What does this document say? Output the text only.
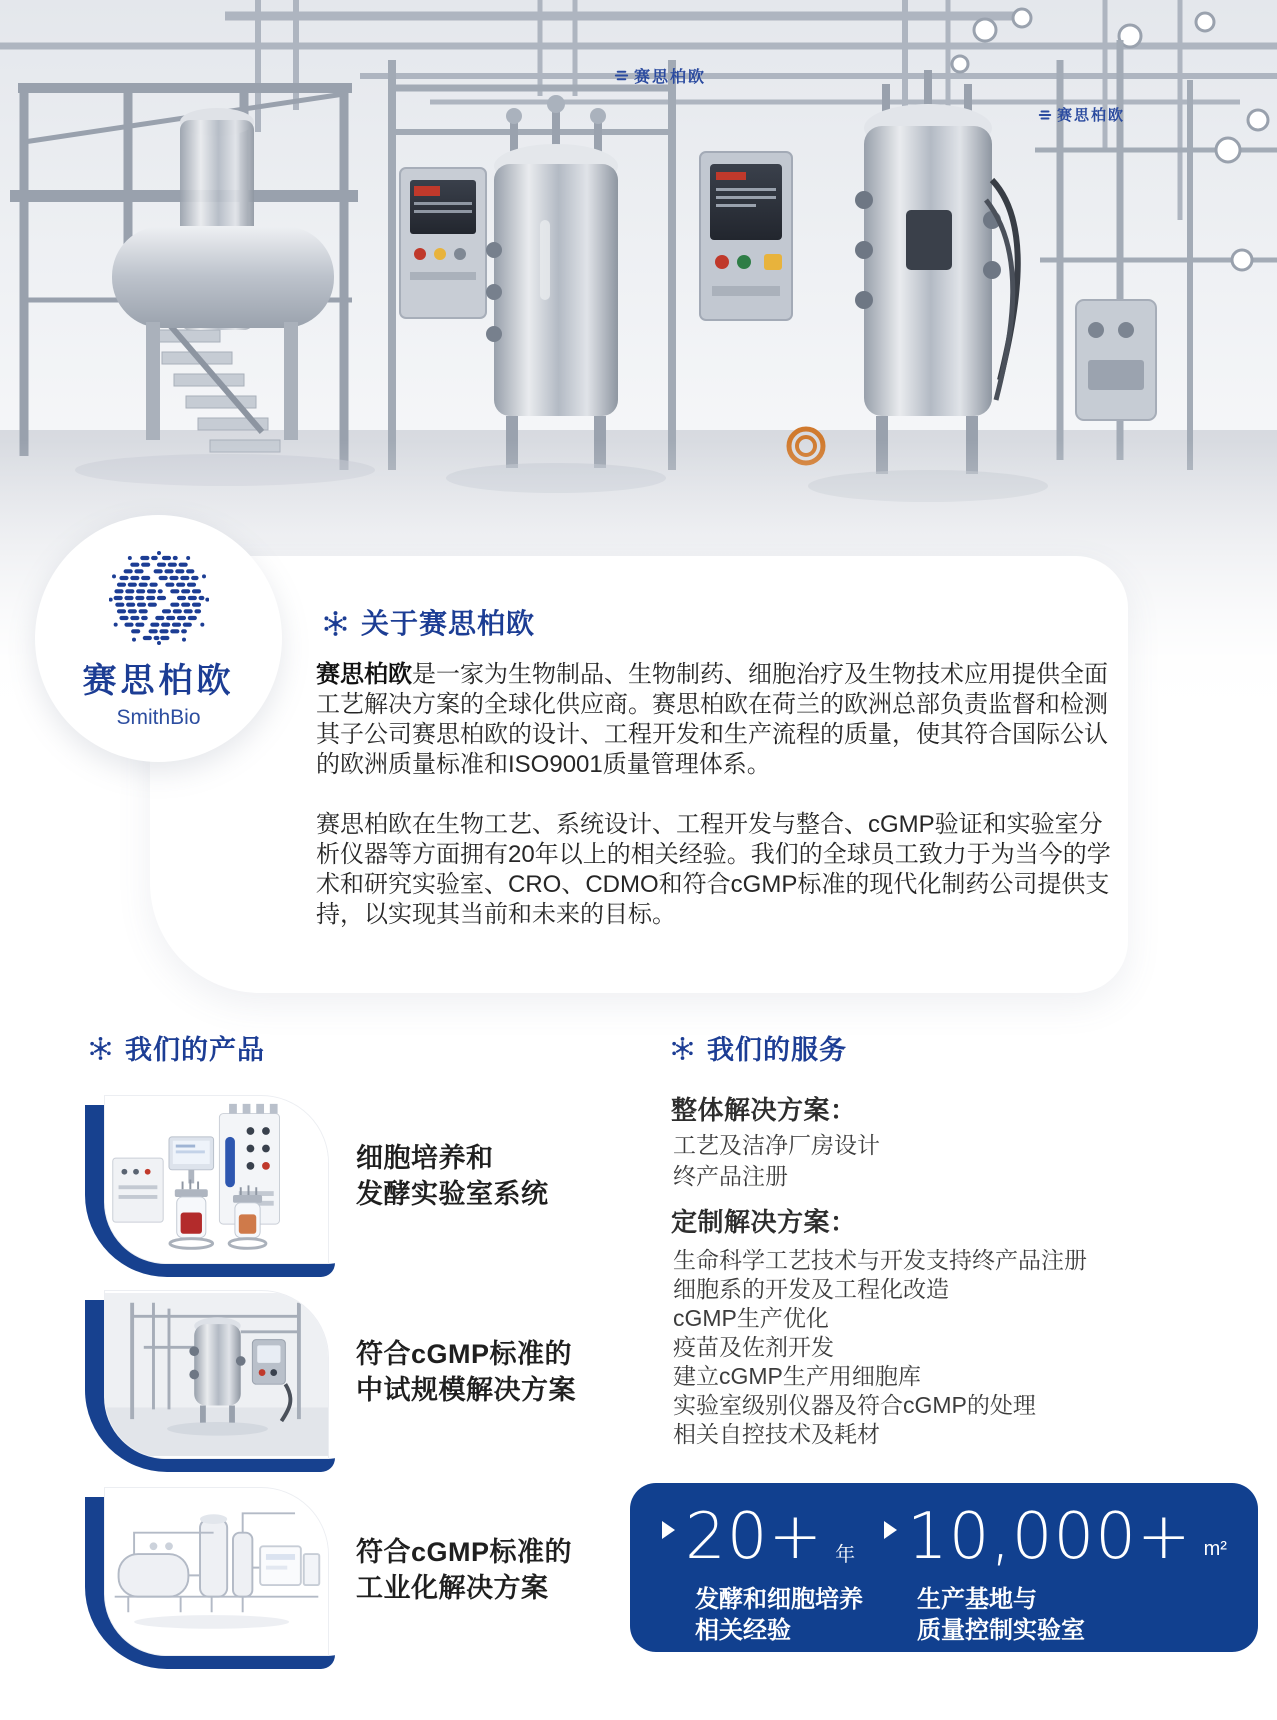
赛思柏欧
赛思柏欧
关于赛思柏欧

赛思柏欧是一家为生物制品、生物制药、细胞治疗及生物技术应用提供全面工艺解决方案的全球化供应商。赛思柏欧在荷兰的欧洲总部负责监督和检测其子公司赛思柏欧的设计、工程开发和生产流程的质量，使其符合国际公认的欧洲质量标准和ISO9001质量管理体系。

赛思柏欧在生物工艺、系统设计、工程开发与整合、cGMP验证和实验室分析仪器等方面拥有20年以上的相关经验。我们的全球员工致力于为当今的学术和研究实验室、CRO、CDMO和符合cGMP标准的现代化制药公司提供支持，以实现其当前和未来的目标。

赛思柏欧
SmithBio
我们的产品
细胞培养和
发酵实验室系统
符合cGMP标准的
中试规模解决方案
符合cGMP标准的
工业化解决方案
我们的服务
整体解决方案：
工艺及洁净厂房设计
终产品注册
定制解决方案：
生命科学工艺技术与开发支持终产品注册
细胞系的开发及工程化改造
cGMP生产优化
疫苗及佐剂开发
建立cGMP生产用细胞库
实验室级别仪器及符合cGMP的处理
相关自控技术及耗材
20+ 年
发酵和细胞培养
相关经验
10,000+ m²
生产基地与
质量控制实验室
